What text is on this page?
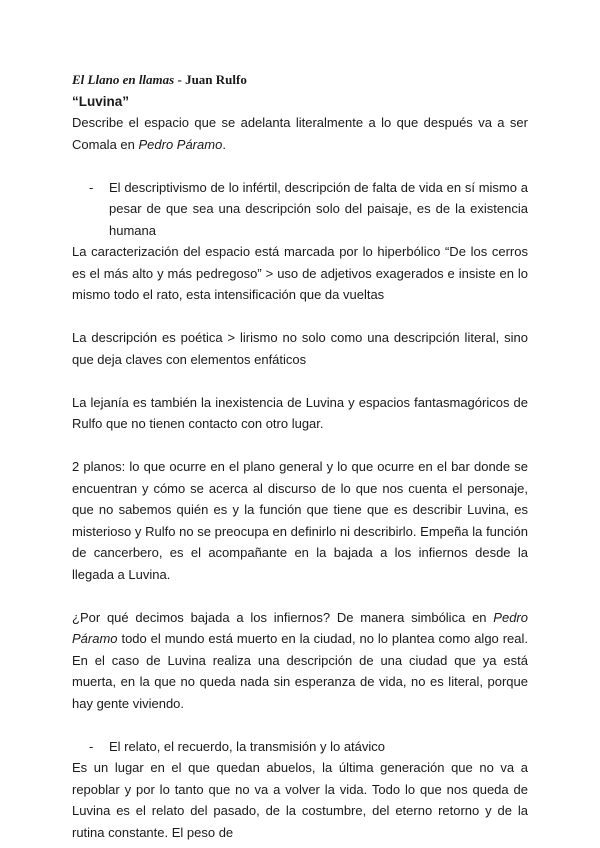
El Llano en llamas - Juan Rulfo
“Luvina”

Describe el espacio que se adelanta literalmente a lo que después va a ser Comala en Pedro Páramo.

- El descriptivismo de lo infértil, descripción de falta de vida en sí mismo a pesar de que sea una descripción solo del paisaje, es de la existencia humana

La caracterización del espacio está marcada por lo hiperbólico “De los cerros es el más alto y más pedregoso” > uso de adjetivos exagerados e insiste en lo mismo todo el rato, esta intensificación que da vueltas

La descripción es poética > lirismo no solo como una descripción literal, sino que deja claves con elementos enfáticos

La lejanía es también la inexistencia de Luvina y espacios fantasmagóricos de Rulfo que no tienen contacto con otro lugar.

2 planos: lo que ocurre en el plano general y lo que ocurre en el bar donde se encuentran y cómo se acerca al discurso de lo que nos cuenta el personaje, que no sabemos quién es y la función que tiene que es describir Luvina, es misterioso y Rulfo no se preocupa en definirlo ni describirlo. Empeña la función de cancerbero, es el acompañante en la bajada a los infiernos desde la llegada a Luvina.

¿Por qué decimos bajada a los infiernos? De manera simbólica en Pedro Páramo todo el mundo está muerto en la ciudad, no lo plantea como algo real. En el caso de Luvina realiza una descripción de una ciudad que ya está muerta, en la que no queda nada sin esperanza de vida, no es literal, porque hay gente viviendo.

- El relato, el recuerdo, la transmisión y lo atávico

Es un lugar en el que quedan abuelos, la última generación que no va a repoblar y por lo tanto que no va a volver la vida. Todo lo que nos queda de Luvina es el relato del pasado, de la costumbre, del eterno retorno y de la rutina constante. El peso de
